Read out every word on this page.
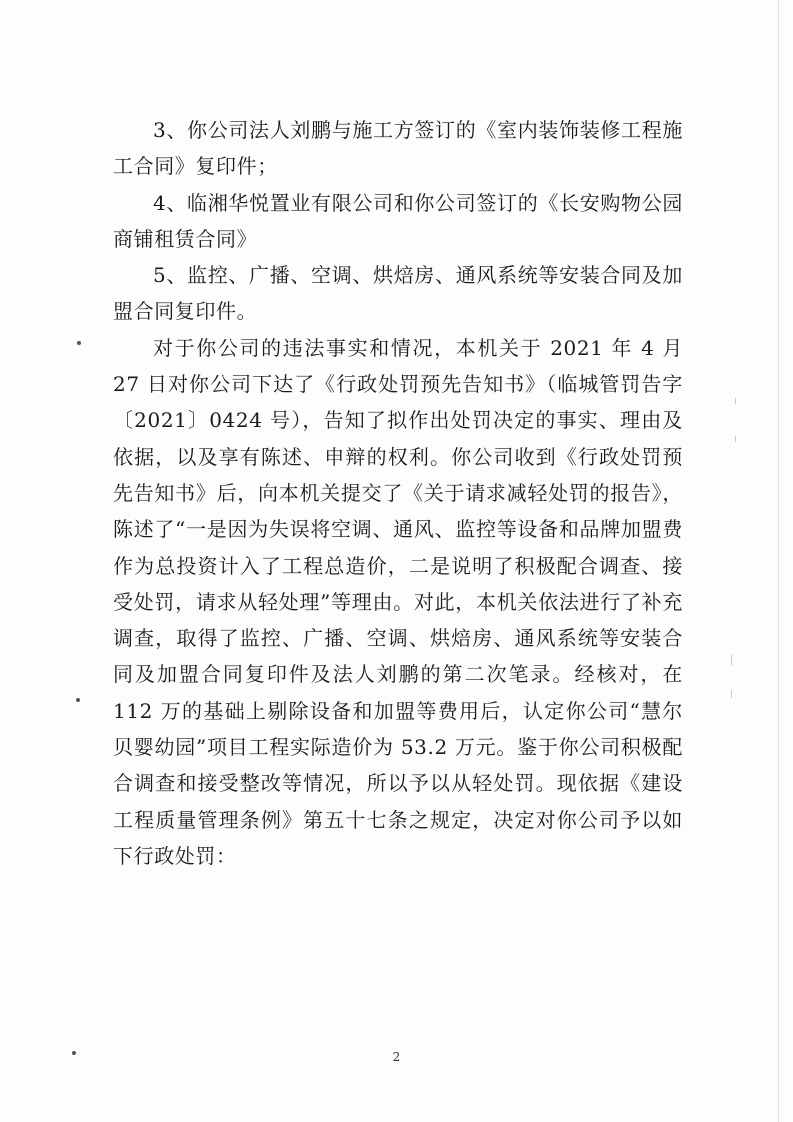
3、你公司法人刘鹏与施工方签订的《室内装饰装修工程施工合同》复印件；

4、临湘华悦置业有限公司和你公司签订的《长安购物公园商铺租赁合同》

5、监控、广播、空调、烘焙房、通风系统等安装合同及加盟合同复印件。

对于你公司的违法事实和情况，本机关于 2021 年 4 月 27 日对你公司下达了《行政处罚预先告知书》（临城管罚告字〔2021〕0424 号），告知了拟作出处罚决定的事实、理由及依据，以及享有陈述、申辩的权利。你公司收到《行政处罚预先告知书》后，向本机关提交了《关于请求减轻处罚的报告》，陈述了“一是因为失误将空调、通风、监控等设备和品牌加盟费作为总投资计入了工程总造价，二是说明了积极配合调查、接受处罚，请求从轻处理”等理由。对此，本机关依法进行了补充调查，取得了监控、广播、空调、烘焙房、通风系统等安装合同及加盟合同复印件及法人刘鹏的第二次笔录。经核对，在 112 万的基础上剔除设备和加盟等费用后，认定你公司“慧尔贝婴幼园”项目工程实际造价为 53.2 万元。鉴于你公司积极配合调查和接受整改等情况，所以予以从轻处罚。现依据《建设工程质量管理条例》第五十七条之规定，决定对你公司予以如下行政处罚：

2
